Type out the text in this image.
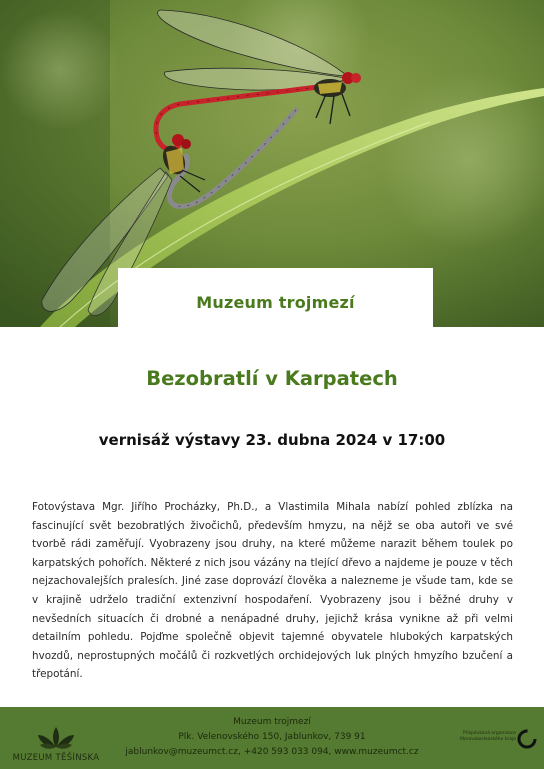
Muzeum trojmezí
Bezobratlí v Karpatech
vernisáž výstavy 23. dubna 2024 v 17:00

Fotovýstava Mgr. Jiřího Procházky, Ph.D., a Vlastimila Mihala nabízí pohled zblízka na fascinující svět bezobratlých živočichů, především hmyzu, na nějž se oba autoři ve své tvorbě rádi zaměřují. Vyobrazeny jsou druhy, na které můžeme narazit během toulek po karpatských pohořích. Některé z nich jsou vázány na tlející dřevo a najdeme je pouze v těch nejzachovalejších pralesích. Jiné zase doprovází člověka a nalezneme je všude tam, kde se v krajině udrželo tradiční extenzivní hospodaření. Vyobrazeny jsou i běžné druhy v nevšedních situacích či drobné a nenápadné druhy, jejichž krása vynikne až při velmi detailním pohledu. Pojďme společně objevit tajemné obyvatele hlubokých karpatských hvozdů, neprostupných močálů či rozkvetlých orchidejových luk plných hmyzího bzučení a třepotání.

MUZEUM TĚŠÍNSKA
Muzeum trojmezí
Plk. Velenovského 150, Jablunkov, 739 91
jablunkov@muzeumct.cz, +420 593 033 094, www.muzeumct.cz
Příspěvková organizace Moravskoslezského kraje
